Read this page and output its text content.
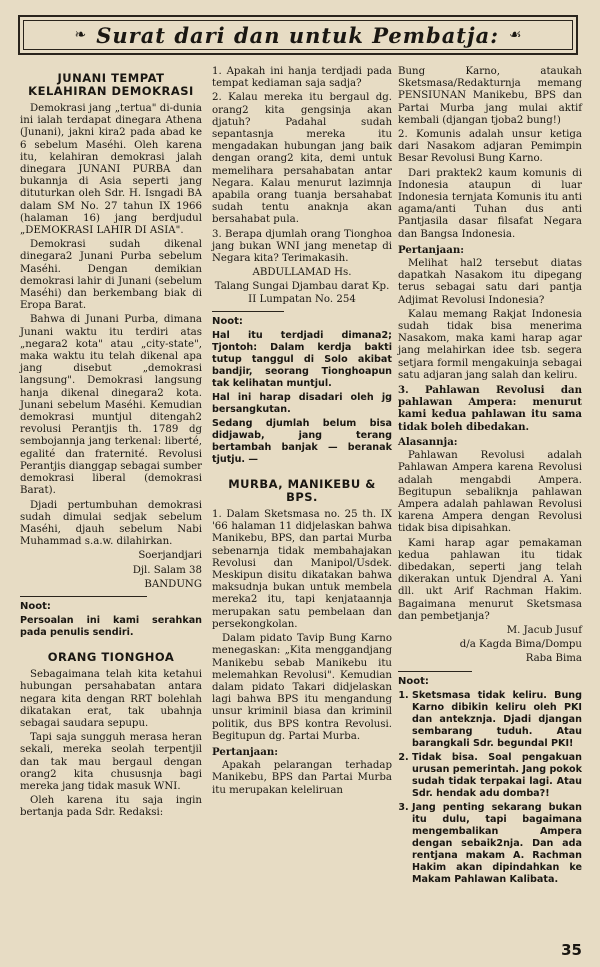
❧ Surat dari dan untuk Pembatja: ☙
JUNANI TEMPAT KELAHIRAN DEMOKRASI

Demokrasi jang „tertua" di-dunia ini ialah terdapat dinegara Athena (Junani), jakni kira2 pada abad ke 6 sebelum Maséhi. Oleh karena itu, kelahiran demokrasi jalah dinegara JUNANI PURBA dan bukannja di Asia seperti jang dituturkan oleh Sdr. H. Isngadi BA dalam SM No. 27 tahun IX 1966 (halaman 16) jang berdjudul „DEMOKRASI LAHIR DI ASIA".

Demokrasi sudah dikenal dinegara2 Junani Purba sebelum Maséhi. Dengan demikian demokrasi lahir di Junani (sebelum Maséhi) dan berkembang biak di Eropa Barat.

Bahwa di Junani Purba, dimana Junani waktu itu terdiri atas „negara2 kota" atau „city-state", maka waktu itu telah dikenal apa jang disebut „demokrasi langsung". Demokrasi langsung hanja dikenal dinegara2 kota. Junani sebelum Maséhi. Kemudian demokrasi muntjul ditengah2 revolusi Perantjis th. 1789 dg sembojannja jang terkenal: liberté, egalité dan fraternité. Revolusi Perantjis dianggap sebagai sumber demokrasi liberal (demokrasi Barat).

Djadi pertumbuhan demokrasi sudah dimulai sedjak sebelum Maséhi, djauh sebelum Nabi Muhammad s.a.w. dilahirkan.

Soerjandjari

Djl. Salam 38

BANDUNG

Noot:

Persoalan ini kami serahkan pada penulis sendiri.

ORANG TIONGHOA

Sebagaimana telah kita ketahui hubungan persahabatan antara negara kita dengan RRT bolehlah dikatakan erat, tak ubahnja sebagai saudara sepupu.

Tapi saja sungguh merasa heran sekali, mereka seolah terpentjil dan tak mau bergaul dengan orang2 kita chususnja bagi mereka jang tidak masuk WNI.

Oleh karena itu saja ingin bertanja pada Sdr. Redaksi:

1. Apakah ini hanja terdjadi pada tempat kediaman saja sadja?

2. Kalau mereka itu bergaul dg. orang2 kita gengsinja akan djatuh? Padahal sudah sepantasnja mereka itu mengadakan hubungan jang baik dengan orang2 kita, demi untuk memelihara persahabatan antar Negara. Kalau menurut lazimnja apabila orang tuanja bersahabat sudah tentu anaknja akan bersahabat pula.

3. Berapa djumlah orang Tionghoa jang bukan WNI jang menetap di Negara kita? Terimakasih.

ABDULLAMAD Hs.

Talang Sungai Djambau darat Kp. II Lumpatan No. 254

Noot:

Hal itu terdjadi dimana2; Tjontoh: Dalam kerdja bakti tutup tanggul di Solo akibat bandjir, seorang Tionghoapun tak kelihatan muntjul.

Hal ini harap disadari oleh jg bersangkutan.

Sedang djumlah belum bisa didjawab, jang terang bertambah banjak — beranak tjutju. —

MURBA, MANIKEBU & BPS.

1. Dalam Sketsmasa no. 25 th. IX '66 halaman 11 didjelaskan bahwa Manikebu, BPS, dan partai Murba sebenarnja tidak membahajakan Revolusi dan Manipol/Usdek. Meskipun disitu dikatakan bahwa maksudnja bukan untuk membela mereka2 itu, tapi kenjataannja merupakan satu pembelaan dan persekongkolan.

Dalam pidato Tavip Bung Karno menegaskan: „Kita menggandjang Manikebu sebab Manikebu itu melemahkan Revolusi". Kemudian dalam pidato Takari didjelaskan lagi bahwa BPS itu mengandung unsur kriminil biasa dan kriminil politik, dus BPS kontra Revolusi. Begitupun dg. Partai Murba.

Pertanjaan:

Apakah pelarangan terhadap Manikebu, BPS dan Partai Murba itu merupakan keleliruan

Bung Karno, ataukah Sketsmasa/Redakturnja memang PENSIUNAN Manikebu, BPS dan Partai Murba jang mulai aktif kembali (djangan tjoba2 bung!)

2. Komunis adalah unsur ketiga dari Nasakom adjaran Pemimpin Besar Revolusi Bung Karno.

Dari praktek2 kaum komunis di Indonesia ataupun di luar Indonesia ternjata Komunis itu anti agama/anti Tuhan dus anti Pantjasila dasar filsafat Negara dan Bangsa Indonesia.

Pertanjaan:

Melihat hal2 tersebut diatas dapatkah Nasakom itu dipegang terus sebagai satu dari pantja Adjimat Revolusi Indonesia?

Kalau memang Rakjat Indonesia sudah tidak bisa menerima Nasakom, maka kami harap agar jang melahirkan idee tsb. segera setjara formil mengakuinja sebagai satu adjaran jang salah dan keliru.

3. Pahlawan Revolusi dan pahlawan Ampera: menurut kami kedua pahlawan itu sama tidak boleh dibedakan.

Alasannja:

Pahlawan Revolusi adalah Pahlawan Ampera karena Revolusi adalah mengabdi Ampera. Begitupun sebaliknja pahlawan Ampera adalah pahlawan Revolusi karena Ampera dengan Revolusi tidak bisa dipisahkan.

Kami harap agar pemakaman kedua pahlawan itu tidak dibedakan, seperti jang telah dikerakan untuk Djendral A. Yani dll. ukt Arif Rachman Hakim. Bagaimana menurut Sketsmasa dan pembetjanja?

M. Jacub Jusuf

d/a Kagda Bima/Dompu

Raba Bima

Noot:
1. Sketsmasa tidak keliru. Bung Karno dibikin keliru oleh PKI dan antekznja. Djadi djangan sembarang tuduh. Atau barangkali Sdr. begundal PKI!
2. Tidak bisa. Soal pengakuan urusan pemerintah. Jang pokok sudah tidak terpakai lagi. Atau Sdr. hendak adu domba?!
3. Jang penting sekarang bukan itu dulu, tapi bagaimana mengembalikan Ampera dengan sebaik2nja. Dan ada rentjana makam A. Rachman Hakim akan dipindahkan ke Makam Pahlawan Kalibata.
35
